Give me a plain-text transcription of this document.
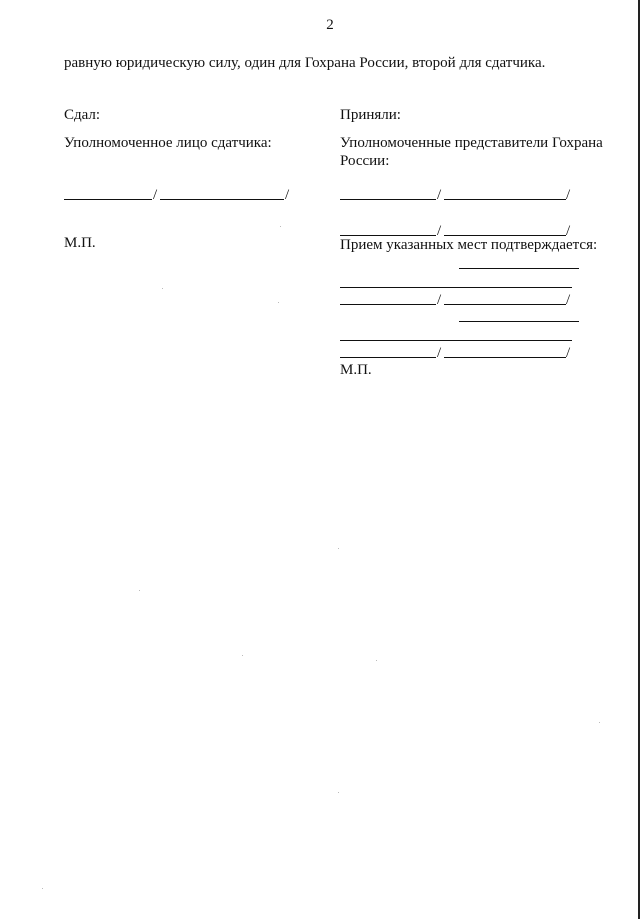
2
равную юридическую силу, один для Гохрана России, второй для сдатчика.
Сдал:
Уполномоченное лицо сдатчика:
/	/
М.П.
Приняли:
Уполномоченные представители Гохрана России:
/	/
/	/
Прием указанных мест подтверждается:
/	/
/	/
М.П.
